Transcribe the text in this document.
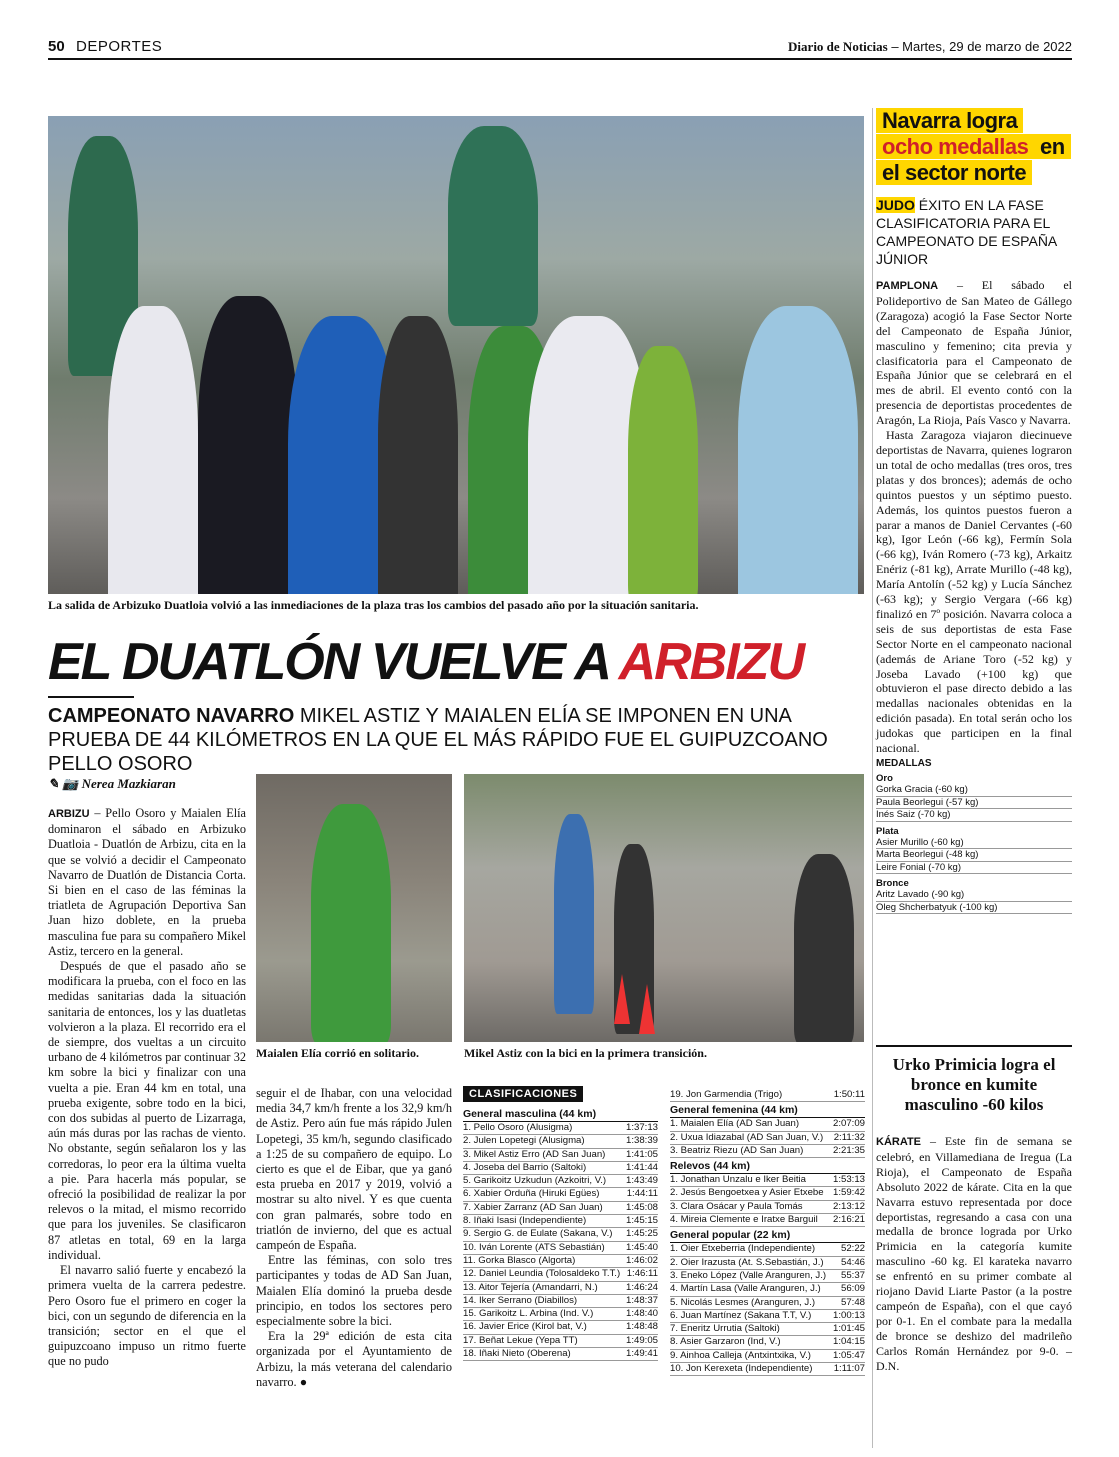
50 DEPORTES	Diario de Noticias – Martes, 29 de marzo de 2022
La salida de Arbizuko Duatloia volvió a las inmediaciones de la plaza tras los cambios del pasado año por la situación sanitaria.
EL DUATLÓN VUELVE A ARBIZU
CAMPEONATO NAVARRO MIKEL ASTIZ Y MAIALEN ELÍA SE IMPONEN EN UNA PRUEBA DE 44 KILÓMETROS EN LA QUE EL MÁS RÁPIDO FUE EL GUIPUZCOANO PELLO OSORO
✎ 📷 Nerea Mazkiaran

ARBIZU – Pello Osoro y Maialen Elía dominaron el sábado en Arbizuko Duatloia - Duatlón de Arbizu, cita en la que se volvió a decidir el Campeonato Navarro de Duatlón de Distancia Corta. Si bien en el caso de las féminas la triatleta de Agrupación Deportiva San Juan hizo doblete, en la prueba masculina fue para su compañero Mikel Astiz, tercero en la general.

Después de que el pasado año se modificara la prueba, con el foco en las medidas sanitarias dada la situación sanitaria de entonces, los y las duatletas volvieron a la plaza. El recorrido era el de siempre, dos vueltas a un circuito urbano de 4 kilómetros par continuar 32 km sobre la bici y finalizar con una vuelta a pie. Eran 44 km en total, una prueba exigente, sobre todo en la bici, con dos subidas al puerto de Lizarraga, aún más duras por las rachas de viento. No obstante, según señalaron los y las corredoras, lo peor era la última vuelta a pie. Para hacerla más popular, se ofreció la posibilidad de realizar la por relevos o la mitad, el mismo recorrido que para los juveniles. Se clasificaron 87 atletas en total, 69 en la larga individual.

El navarro salió fuerte y encabezó la primera vuelta de la carrera pedestre. Pero Osoro fue el primero en coger la bici, con un segundo de diferencia en la transición; sector en el que el guipuzcoano impuso un ritmo fuerte que no pudo

Maialen Elía corrió en solitario.	Mikel Astiz con la bici en la primera transición.

seguir el de Ihabar, con una velocidad media 34,7 km/h frente a los 32,9 km/h de Astiz. Pero aún fue más rápido Julen Lopetegi, 35 km/h, segundo clasificado a 1:25 de su compañero de equipo. Lo cierto es que el de Eibar, que ya ganó esta prueba en 2017 y 2019, volvió a mostrar su alto nivel. Y es que cuenta con gran palmarés, sobre todo en triatlón de invierno, del que es actual campeón de España.

Entre las féminas, con solo tres participantes y todas de AD San Juan, Maialen Elía dominó la prueba desde principio, en todos los sectores pero especialmente sobre la bici.

Era la 29ª edición de esta cita organizada por el Ayuntamiento de Arbizu, la más veterana del calendario navarro. ●

CLASIFICACIONES
General masculina (44 km)
1. Pello Osoro (Alusigma)	1:37:13
2. Julen Lopetegi (Alusigma)	1:38:39
3. Mikel Astiz Erro (AD San Juan) 1:41:05
4. Joseba del Barrio (Saltoki)	1:41:44
5. Garikoitz Uzkudun (Azkoitri, V.) 1:43:49
6. Xabier Orduña (Hiruki Egües)	1:44:11
7. Xabier Zarranz (AD San Juan) 1:45:08
8. Iñaki Isasi (Independiente)	1:45:15
9. Sergio G. de Eulate (Sakana, V.) 1:45:25
10. Iván Lorente (ATS Sebastián) 1:45:40
11. Gorka Blasco (Algorta)	1:46:02
12. Daniel Leundia (Tolosaldeko T.T.) 1:46:11
13. Aitor Tejería (Amandarri, N.)	1:46:24
14. Iker Serrano (Diabillos)	1:48:37
15. Garikoitz L. Arbina (Ind. V.)	1:48:40
16. Javier Erice (Kirol bat, V.)	1:48:48
17. Beñat Lekue (Yepa TT)	1:49:05
18. Iñaki Nieto (Oberena)	1:49:41
19. Jon Garmendia (Trigo)	1:50:11
General femenina (44 km)
1. Maialen Elía (AD San Juan)	2:07:09
2. Uxua Idiazabal (AD San Juan, V.) 2:11:32
3. Beatriz Riezu (AD San Juan)	2:21:35
Relevos (44 km)
1. Jonathan Unzalu e Iker Beitia	1:53:13
2. Jesús Bengoetxea y Asier Etxebe 1:59:42
3. Clara Osácar y Paula Tomás	2:13:12
4. Mireia Clemente e Iratxe Barguil 2:16:21
General popular (22 km)
1. Oier Etxeberria (Independiente)	52:22
2. Oier Irazusta (At. S.Sebastián, J.) 54:46
3. Eneko López (Valle Aranguren, J.) 55:37
4. Martín Lasa (Valle Aranguren, J.) 56:09
5. Nicolás Lesmes (Aranguren, J.)	57:48
6. Juan Martínez (Sakana T.T, V.) 1:00:13
7. Eneritz Urrutia (Saltoki)	1:01:45
8. Asier Garzaron (Ind, V.)	1:04:15
9. Ainhoa Calleja (Antxintxika, V.) 1:05:47
10. Jon Kerexeta (Independiente) 1:11:07
Navarra logra ocho medallas en el sector norte
JUDO ÉXITO EN LA FASE CLASIFICATORIA PARA EL CAMPEONATO DE ESPAÑA JÚNIOR

PAMPLONA – El sábado el Polideportivo de San Mateo de Gállego (Zaragoza) acogió la Fase Sector Norte del Campeonato de España Júnior, masculino y femenino; cita previa y clasificatoria para el Campeonato de España Júnior que se celebrará en el mes de abril. El evento contó con la presencia de deportistas procedentes de Aragón, La Rioja, País Vasco y Navarra.

Hasta Zaragoza viajaron diecinueve deportistas de Navarra, quienes lograron un total de ocho medallas (tres oros, tres platas y dos bronces); además de ocho quintos puestos y un séptimo puesto. Además, los quintos puestos fueron a parar a manos de Daniel Cervantes (-60 kg), Igor León (-66 kg), Fermín Sola (-66 kg), Iván Romero (-73 kg), Arkaitz Enériz (-81 kg), Arrate Murillo (-48 kg), María Antolín (-52 kg) y Lucía Sánchez (-63 kg); y Sergio Vergara (-66 kg) finalizó en 7º posición. Navarra coloca a seis de sus deportistas de esta Fase Sector Norte en el campeonato nacional (además de Ariane Toro (-52 kg) y Joseba Lavado (+100 kg) que obtuvieron el pase directo debido a las medallas nacionales obtenidas en la edición pasada). En total serán ocho los judokas que participen en la final nacional.

MEDALLAS
Oro
Gorka Gracia (-60 kg)
Paula Beorlegui (-57 kg)
Inés Saiz (-70 kg)
Plata
Asier Murillo (-60 kg)
Marta Beorlegui (-48 kg)
Leire Fonial (-70 kg)
Bronce
Aritz Lavado (-90 kg)
Oleg Shcherbatyuk (-100 kg)
Urko Primicia logra el bronce en kumite masculino -60 kilos

KÁRATE – Este fin de semana se celebró, en Villamediana de Iregua (La Rioja), el Campeonato de España Absoluto 2022 de kárate. Cita en la que Navarra estuvo representada por doce deportistas, regresando a casa con una medalla de bronce lograda por Urko Primicia en la categoría kumite masculino -60 kg. El karateka navarro se enfrentó en su primer combate al riojano David Liarte Pastor (a la postre campeón de España), con el que cayó por 0-1. En el combate para la medalla de bronce se deshizo del madrileño Carlos Román Hernández por 9-0. – D.N.
